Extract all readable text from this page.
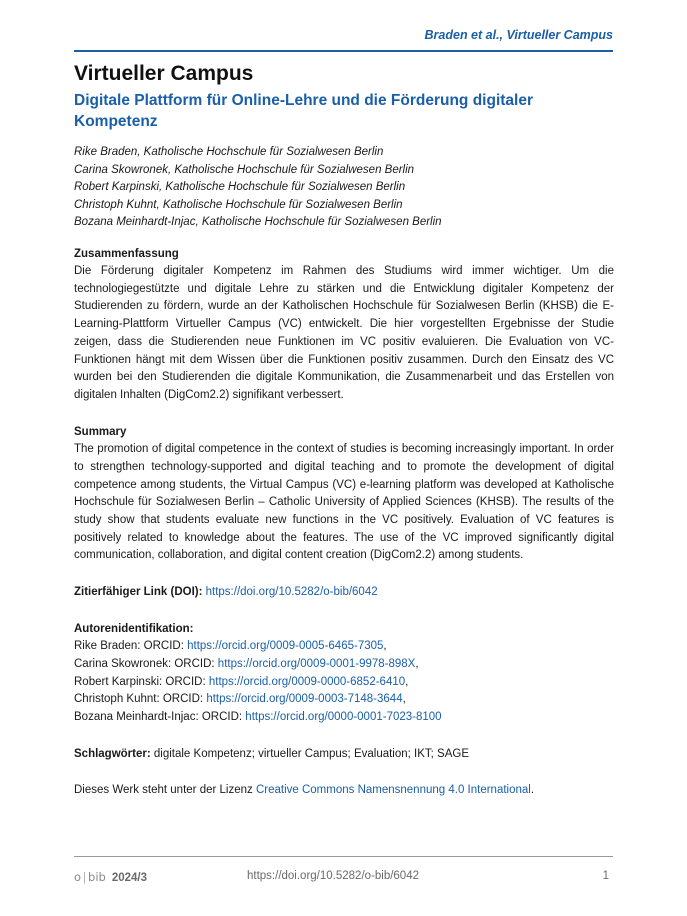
Braden et al., Virtueller Campus
Virtueller Campus
Digitale Plattform für Online-Lehre und die Förderung digitaler Kompetenz
Rike Braden, Katholische Hochschule für Sozialwesen Berlin
Carina Skowronek, Katholische Hochschule für Sozialwesen Berlin
Robert Karpinski, Katholische Hochschule für Sozialwesen Berlin
Christoph Kuhnt, Katholische Hochschule für Sozialwesen Berlin
Bozana Meinhardt-Injac, Katholische Hochschule für Sozialwesen Berlin
Zusammenfassung

Die Förderung digitaler Kompetenz im Rahmen des Studiums wird immer wichtiger. Um die technologiegestützte und digitale Lehre zu stärken und die Entwicklung digitaler Kompetenz der Studierenden zu fördern, wurde an der Katholischen Hochschule für Sozialwesen Berlin (KHSB) die E-Learning-Plattform Virtueller Campus (VC) entwickelt. Die hier vorgestellten Ergebnisse der Studie zeigen, dass die Studierenden neue Funktionen im VC positiv evaluieren. Die Evaluation von VC-Funktionen hängt mit dem Wissen über die Funktionen positiv zusammen. Durch den Einsatz des VC wurden bei den Studierenden die digitale Kommunikation, die Zusammenarbeit und das Erstellen von digitalen Inhalten (DigCom2.2) signifikant verbessert.

Summary

The promotion of digital competence in the context of studies is becoming increasingly important. In order to strengthen technology-supported and digital teaching and to promote the development of digital competence among students, the Virtual Campus (VC) e-learning platform was developed at Katholische Hochschule für Sozialwesen Berlin – Catholic University of Applied Sciences (KHSB). The results of the study show that students evaluate new functions in the VC positively. Evaluation of VC features is positively related to knowledge about the features. The use of the VC improved significantly digital communication, collaboration, and digital content creation (DigCom2.2) among students.

Zitierfähiger Link (DOI): https://doi.org/10.5282/o-bib/6042
Autorenidentifikation:
Rike Braden: ORCID: https://orcid.org/0009-0005-6465-7305,
Carina Skowronek: ORCID: https://orcid.org/0009-0001-9978-898X,
Robert Karpinski: ORCID: https://orcid.org/0009-0000-6852-6410,
Christoph Kuhnt: ORCID: https://orcid.org/0009-0003-7148-3644,
Bozana Meinhardt-Injac: ORCID: https://orcid.org/0000-0001-7023-8100
Schlagwörter: digitale Kompetenz; virtueller Campus; Evaluation; IKT; SAGE
Dieses Werk steht unter der Lizenz Creative Commons Namensnennung 4.0 International.
o | bib 2024/3	https://doi.org/10.5282/o-bib/6042	1
